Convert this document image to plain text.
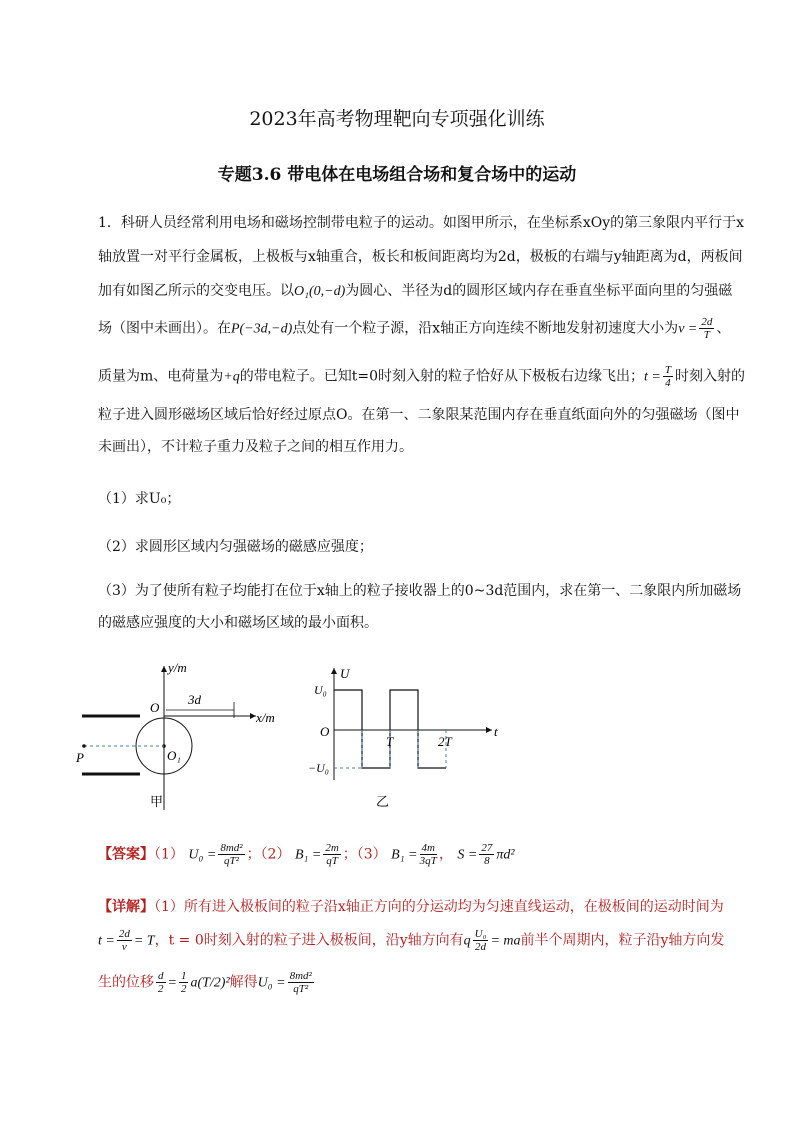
2023年高考物理靶向专项强化训练
专题3.6 带电体在电场组合场和复合场中的运动
1．科研人员经常利用电场和磁场控制带电粒子的运动。如图甲所示，在坐标系xOy的第三象限内平行于x
轴放置一对平行金属板，上极板与x轴重合，板长和板间距离均为2d，极板的右端与y轴距离为d，两板间
加有如图乙所示的交变电压。以O₁(0,−d)为圆心、半径为d的圆形区域内存在垂直坐标平面向里的匀强磁
场（图中未画出）。在P(−3d,−d)点处有一个粒子源，沿x轴正方向连续不断地发射初速度大小为$v = \frac{2d}{T}$ 、
质量为m、电荷量为+q的带电粒子。已知t=0时刻入射的粒子恰好从下极板右边缘飞出；$t = \frac{T}{4}$ 时刻入射的
粒子进入圆形磁场区域后恰好经过原点O。在第一、二象限某范围内存在垂直纸面向外的匀强磁场（图中
未画出），不计粒子重力及粒子之间的相互作用力。
（1）求U₀；
（2）求圆形区域内匀强磁场的磁感应强度；
（3）为了使所有粒子均能打在位于x轴上的粒子接收器上的0~3d范围内，求在第一、二象限内所加磁场
的磁感应强度的大小和磁场区域的最小面积。
3d
y/m
x/m
O
O₁
P
甲
U
t
U₀
−U₀
O
T	2T
乙
【答案】（1） $U_0 = \frac{\text{8md²}}{\text{qT²}}$ ；（2） $B_1 = \frac{2m}{qT}$ ；（3） $B_1 = \frac{4m}{3qT}$ ， $S = \frac{27}{8} \pi d^2$
【详解】（1）所有进入极板间的粒子沿x轴正方向的分运动均为匀速直线运动，在极板间的运动时间为
$t = \frac{2d}{v} = T$，t = 0时刻入射的粒子进入极板间，沿y轴方向有q $\frac{\text{U₀}}{2d}$ = ma前半个周期内，粒子沿y轴方向发
生的位移 $\frac{d}{2} = \frac{1}{2} a(T/2)^2$解得$U_0 = \frac{\text{8md²}}{\text{qT²}}$
